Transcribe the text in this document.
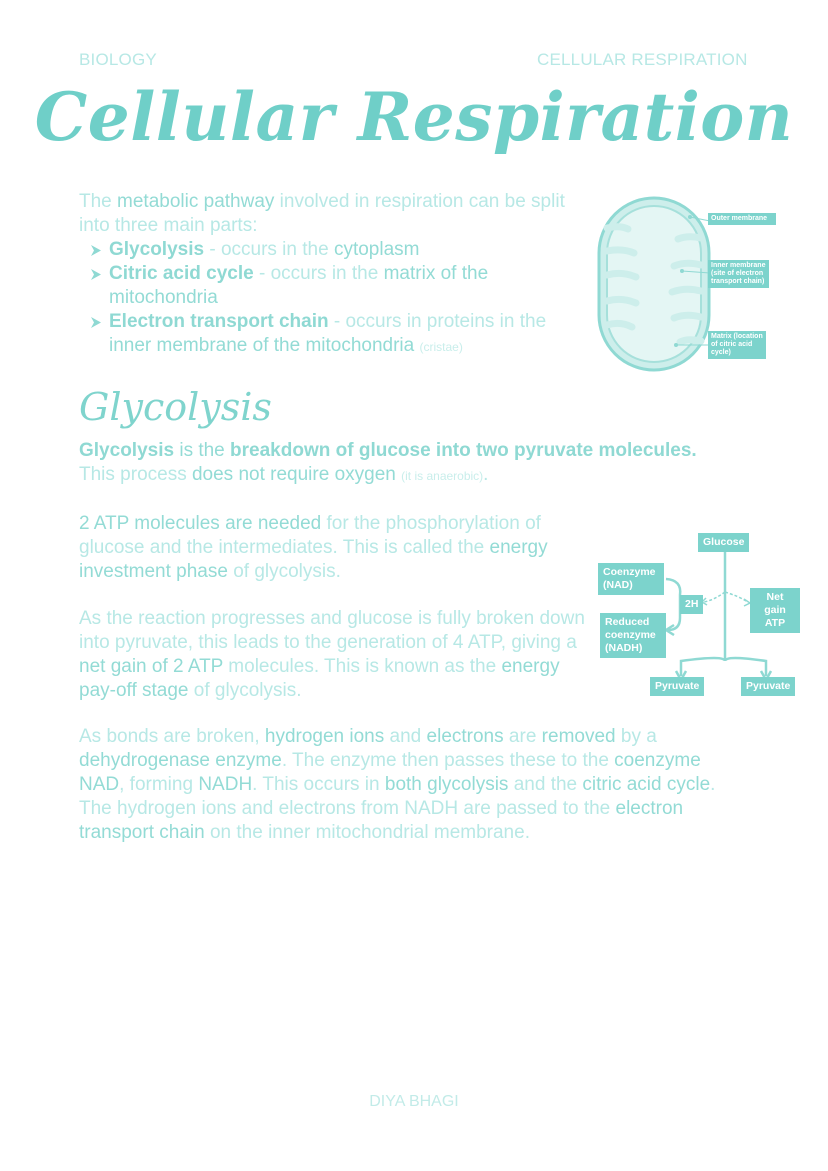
BIOLOGY	CELLULAR RESPIRATION
Cellular Respiration
The metabolic pathway involved in respiration can be split into three main parts:
Glycolysis - occurs in the cytoplasm
Citric acid cycle - occurs in the matrix of the mitochondria
Electron transport chain - occurs in proteins in the inner membrane of the mitochondria (cristae)
Outer membrane
Inner membrane (site of electron transport chain)
Matrix (location of citric acid cycle)
Glycolysis
Glycolysis is the breakdown of glucose into two pyruvate molecules. This process does not require oxygen (it is anaerobic).
2 ATP molecules are needed for the phosphorylation of glucose and the intermediates. This is called the energy investment phase of glycolysis.
As the reaction progresses and glucose is fully broken down into pyruvate, this leads to the generation of 4 ATP, giving a net gain of 2 ATP molecules. This is known as the energy pay-off stage of glycolysis.
Glucose
Coenzyme (NAD)
2H
Net gain ATP
Reduced coenzyme (NADH)
Pyruvate	Pyruvate
As bonds are broken, hydrogen ions and electrons are removed by a dehydrogenase enzyme. The enzyme then passes these to the coenzyme NAD, forming NADH. This occurs in both glycolysis and the citric acid cycle. The hydrogen ions and electrons from NADH are passed to the electron transport chain on the inner mitochondrial membrane.
DIYA BHAGI
